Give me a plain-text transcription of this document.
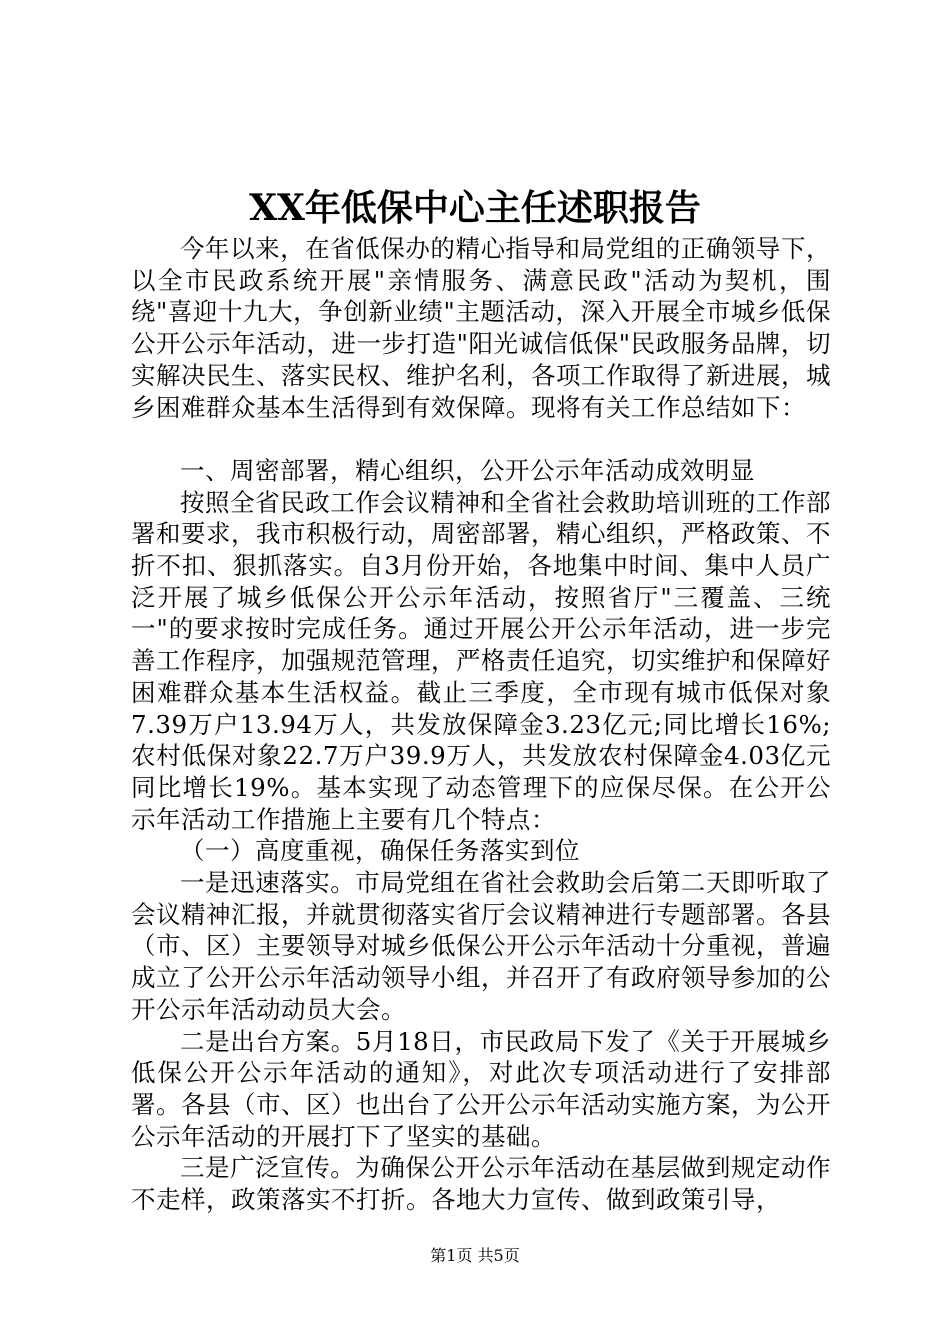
XX年低保中心主任述职报告

今年以来，在省低保办的精心指导和局党组的正确领导下，以全市民政系统开展"亲情服务、满意民政"活动为契机，围绕"喜迎十九大，争创新业绩"主题活动，深入开展全市城乡低保公开公示年活动，进一步打造"阳光诚信低保"民政服务品牌，切实解决民生、落实民权、维护名利，各项工作取得了新进展，城乡困难群众基本生活得到有效保障。现将有关工作总结如下：

一、周密部署，精心组织，公开公示年活动成效明显

按照全省民政工作会议精神和全省社会救助培训班的工作部署和要求，我市积极行动，周密部署，精心组织，严格政策、不折不扣、狠抓落实。自3月份开始，各地集中时间、集中人员广泛开展了城乡低保公开公示年活动，按照省厅"三覆盖、三统一"的要求按时完成任务。通过开展公开公示年活动，进一步完善工作程序，加强规范管理，严格责任追究，切实维护和保障好困难群众基本生活权益。截止三季度，全市现有城市低保对象7.39万户13.94万人，共发放保障金3.23亿元;同比增长16%;农村低保对象22.7万户39.9万人，共发放农村保障金4.03亿元同比增长19%。基本实现了动态管理下的应保尽保。在公开公示年活动工作措施上主要有几个特点：

（一）高度重视，确保任务落实到位

一是迅速落实。市局党组在省社会救助会后第二天即听取了会议精神汇报，并就贯彻落实省厅会议精神进行专题部署。各县（市、区）主要领导对城乡低保公开公示年活动十分重视，普遍成立了公开公示年活动领导小组，并召开了有政府领导参加的公开公示年活动动员大会。

二是出台方案。5月18日，市民政局下发了《关于开展城乡低保公开公示年活动的通知》，对此次专项活动进行了安排部署。各县（市、区）也出台了公开公示年活动实施方案，为公开公示年活动的开展打下了坚实的基础。

三是广泛宣传。为确保公开公示年活动在基层做到规定动作不走样，政策落实不打折。各地大力宣传、做到政策引导，

第1页 共5页
